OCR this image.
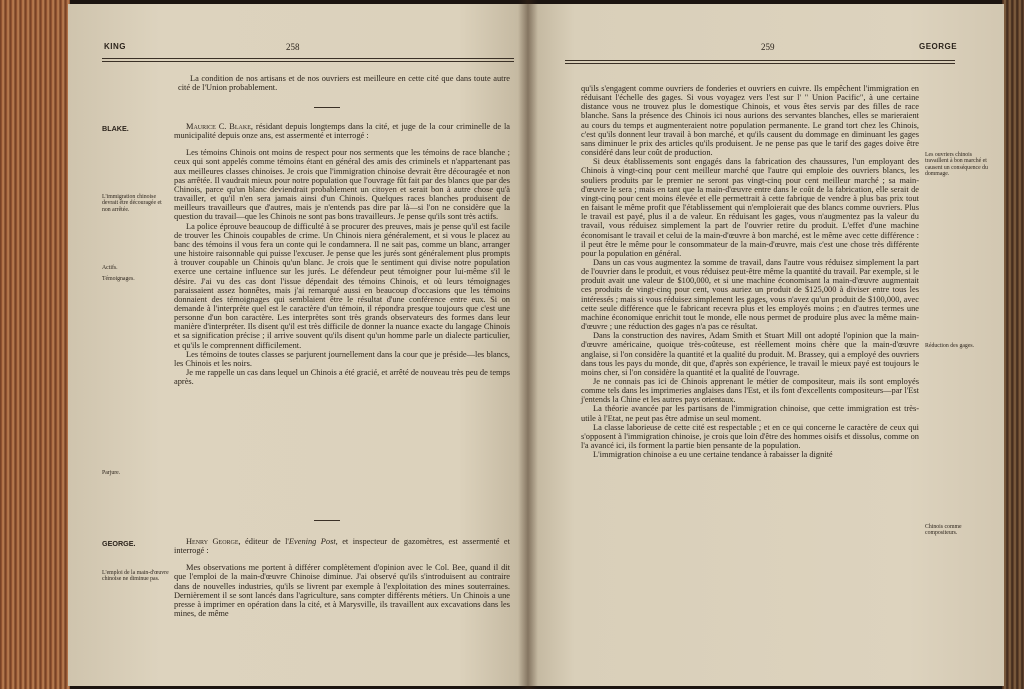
KING	258

La condition de nos artisans et de nos ouvriers est meilleure en cette cité que dans toute autre cité de l'Union probablement.

BLAKE.	Maurice C. Blake, résidant depuis longtemps dans la cité, et juge de la cour criminelle de la municipalité depuis onze ans, est assermenté et interrogé :

Les témoins Chinois ont moins de respect pour nos serments que les témoins de race blanche ; ceux qui sont appelés comme témoins étant en général des amis des criminels et n'appartenant pas aux meilleures classes chinoises. Je crois que l'immigration chinoise devrait être découragée et non pas arrêtée. Il vaudrait mieux pour notre population que l'ouvrage fût fait par des blancs que par des Chinois, parce qu'un blanc deviendrait probablement un citoyen et serait bon à autre chose qu'à travailler, et qu'il n'en sera jamais ainsi d'un Chinois. Quelques races blanches produisent de meilleurs travailleurs que d'autres, mais je n'entends pas dire par là—si l'on ne considère que la question du travail—que les Chinois ne sont pas bons travailleurs. Je pense qu'ils sont très actifs.

La police éprouve beaucoup de difficulté à se procurer des preuves, mais je pense qu'il est facile de trouver les Chinois coupables de crime. Un Chinois niera généralement, et si vous le placez au banc des témoins il vous fera un conte qui le condamnera. Il ne sait pas, comme un blanc, arranger une histoire raisonnable qui puisse l'excuser. Je pense que les jurés sont généralement plus prompts à trouver coupable un Chinois qu'un blanc. Je crois que le sentiment qui divise notre population exerce une certaine influence sur les jurés. Le défendeur peut témoigner pour lui-même s'il le désire. J'ai vu des cas dont l'issue dépendait des témoins Chinois, et où leurs témoignages paraissaient assez honnêtes, mais j'ai remarqué aussi en beaucoup d'occasions que les témoins donnaient des témoignages qui semblaient être le résultat d'une conférence entre eux. Si on demande à l'interprète quel est le caractère d'un témoin, il répondra presque toujours que c'est une personne d'un bon caractère. Les interprètes sont très grands observateurs des formes dans leur manière d'interpréter. Ils disent qu'il est très difficile de donner la nuance exacte du langage Chinois et sa signification précise ; il arrive souvent qu'ils disent qu'un homme parle un dialecte particulier, et qu'ils le comprennent difficilement.

Les témoins de toutes classes se parjurent journellement dans la cour que je préside—les blancs, les Chinois et les noirs.

Je me rappelle un cas dans lequel un Chinois a été gracié, et arrêté de nouveau très peu de temps après.

L'immigration chinoise devrait être découragée et non arrêtée.
Actifs.
Témoignages.
Parjure.
GEORGE.	Henry George, éditeur de l'Evening Post, et inspecteur de gazomètres, est assermenté et interrogé :

Mes observations me portent à différer complètement d'opinion avec le Col. Bee, quand il dit que l'emploi de la main-d'œuvre Chinoise diminue. J'ai observé qu'ils s'introduisent au contraire dans de nouvelles industries, qu'ils se livrent par exemple à l'exploitation des mines souterraines. Dernièrement il se sont lancés dans l'agriculture, sans compter différents métiers. Un Chinois a une presse à imprimer en opération dans la cité, et à Marysville, ils travaillent aux excavations dans les mines, de même

L'emploi de la main-d'œuvre chinoise ne diminue pas.
259	GEORGE

qu'ils s'engagent comme ouvriers de fonderies et ouvriers en cuivre. Ils empêchent l'immigration en réduisant l'échelle des gages. Si vous voyagez vers l'est sur l' " Union Pacific", à une certaine distance vous ne trouvez plus le domestique Chinois, et vous êtes servis par des filles de race blanche. Sans la présence des Chinois ici nous aurions des servantes blanches, elles se marieraient au cours du temps et augmenteraient notre population permanente. Le grand tort chez les Chinois, c'est qu'ils donnent leur travail à bon marché, et qu'ils causent du dommage en diminuant les gages sans diminuer le prix des articles qu'ils produisent. Je ne pense pas que le tarif des gages doive être considéré dans leur coût de production.

Si deux établissements sont engagés dans la fabrication des chaussures, l'un employant des Chinois à vingt-cinq pour cent meilleur marché que l'autre qui emploie des ouvriers blancs, les souliers produits par le premier ne seront pas vingt-cinq pour cent meilleur marché ; sa main-d'œuvre le sera ; mais en tant que la main-d'œuvre entre dans le coût de la fabrication, elle serait de vingt-cinq pour cent moins élevée et elle permettrait à cette fabrique de vendre à plus bas prix tout en faisant le même profit que l'établissement qui n'emploierait que des blancs comme ouvriers. Plus le travail est payé, plus il a de valeur. En réduisant les gages, vous n'augmentez pas la valeur du travail, vous réduisez simplement la part de l'ouvrier retire du produit. L'effet d'une machine économisant le travail et celui de la main-d'œuvre à bon marché, est le même avec cette différence : il peut être le même pour le consommateur de la main-d'œuvre, mais c'est une chose très différente pour la population en général.

Dans un cas vous augmentez la somme de travail, dans l'autre vous réduisez simplement la part de l'ouvrier dans le produit, et vous réduisez peut-être même la quantité du travail. Par exemple, si le produit avait une valeur de $100,000, et si une machine économisant la main-d'œuvre augmentait ces produits de vingt-cinq pour cent, vous auriez un produit de $125,000 à diviser entre tous les intéressés ; mais si vous réduisez simplement les gages, vous n'avez qu'un produit de $100,000, avec cette seule différence que le fabricant recevra plus et les employés moins ; en d'autres termes une machine économique enrichit tout le monde, elle nous permet de produire plus avec la même main-d'œuvre ; une réduction des gages n'a pas ce résultat.

Dans la construction des navires, Adam Smith et Stuart Mill ont adopté l'opinion que la main-d'œuvre américaine, quoique très-coûteuse, est réellement moins chère que la main-d'œuvre anglaise, si l'on considère la quantité et la qualité du produit. M. Brassey, qui a employé des ouvriers dans tous les pays du monde, dit que, d'après son expérience, le travail le mieux payé est toujours le moins cher, si l'on considère la quantité et la qualité de l'ouvrage.

Je ne connais pas ici de Chinois apprenant le métier de compositeur, mais ils sont employés comme tels dans les imprimeries anglaises dans l'Est, et ils font d'excellents compositeurs—par l'Est j'entends la Chine et les autres pays orientaux.

La théorie avancée par les partisans de l'immigration chinoise, que cette immigration est très-utile à l'Etat, ne peut pas être admise un seul moment.

La classe laborieuse de cette cité est respectable ; et en ce qui concerne le caractère de ceux qui s'opposent à l'immigration chinoise, je crois que loin d'être des hommes oisifs et dissolus, comme on l'a avancé ici, ils forment la partie bien pensante de la population.

L'immigration chinoise a eu une certaine tendance à rabaisser la dignité

Les ouvriers chinois travaillent à bon marché et causent un conséquence du dommage.
Réduction des gages.
Chinois comme compositeurs.
